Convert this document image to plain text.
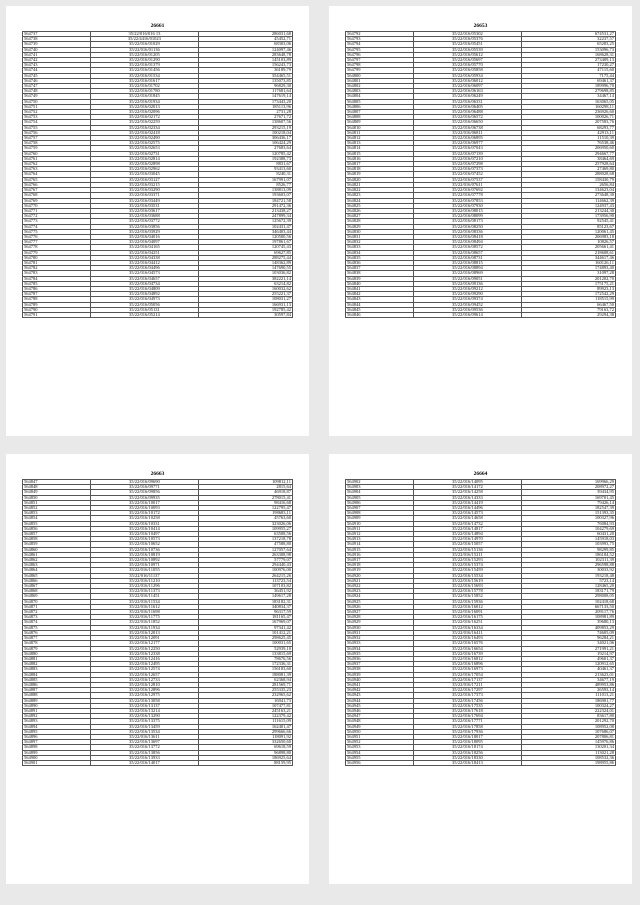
26661
564737	35/22/016/016 13	286031,68
564738	35/22/4416/01023	45452,71
564739	35/22/016/01029	68303,06
564740	35/22/016/01136	124097,46
564741	35/22/016/01205	283648,78
564742	35/22/016/01290	145103,89
564743	35/22/016/01379	156243,73
564744	35/22/016/01456	36189,79
564745	35/22/016/01534	354465,51
564746	35/22/016/01617	135073,85
564747	35/22/016/01702	96829,30
564748	35/22/016/01780	117681,64
564749	35/22/016/01845	147619,14
564750	35/22/016/01934	173443,20
564751	35/22/016/02013	185113,96
564752	35/22/016/02096	2731,28
564753	35/22/016/02172	27671,72
564754	35/22/016/02259	138607,56
564755	35/22/016/02334	293215,19
564756	35/22/016/02418	100218,04
564757	35/22/016/02490	306436,17
564758	35/22/016/02575	106424,29
564759	35/22/016/02653	27683,64
564760	35/22/016/02731	120785,42
564761	35/22/016/02814	192388,73
564762	35/22/016/02898	8831,67
564763	35/22/016/02962	93413,60
564764	35/22/016/03045	8240,31
564765	35/22/016/03127	167991,07
564766	35/22/016/03215	8526,77
564767	35/22/016/03290	138813,09
564768	35/22/016/03371	193603,07
564769	35/22/016/03449	184721,58
564770	35/22/016/03531	291472,36
564771	35/22/016/03617	213438,27
564772	35/22/016/03688	247899,34
564773	35/22/016/03772	125672,39
564774	35/22/016/03856	102431,47
564775	35/22/016/03929	346403,44
564776	35/22/016/04016	120500,56
564777	35/22/016/04097	197861,67
564778	35/22/016/04165	120745,43
564779	35/22/016/04251	69627,85
564780	35/22/016/04338	288275,44
564781	35/22/016/04412	148362,89
564782	35/22/016/04496	147690,55
564783	35/22/016/04573	103036,82
564784	35/22/016/04657	382221,14
564785	35/22/016/04734	63214,82
564786	35/22/016/04809	160032,62
564787	35/22/016/04892	255221,37
564788	35/22/016/04973	108031,27
564789	35/22/016/05056	166931,13
564790	35/22/016/05131	192785,42
564791	35/22/016/05214	30597,84
26653
564792	35/22/016/05302	674531,27
564793	35/22/016/05376	32237,57
564794	35/22/016/05451	65283,25
564795	35/22/016/05539	153096,73
564796	35/22/016/05612	168628,31
564797	35/22/016/05697	273409,13
564798	35/22/016/05770	17230,27
564799	35/22/016/05858	47115,60
564800	35/22/016/05934	7175,44
564801	35/22/016/06012	69461,37
564802	35/22/016/06097	189996,70
564803	35/22/016/06163	279698,85
564804	35/22/016/06249	34467,14
564805	35/22/016/06331	163065,05
564806	35/22/016/06405	160298,11
564807	35/22/016/06488	236926,60
564808	35/22/016/06572	100026,71
564809	35/22/016/06650	207583,76
564810	35/22/016/06738	68293,77
564811	35/22/016/06811	42913,11
564812	35/22/016/06895	11510,39
564813	35/22/016/06977	76538,46
564814	35/22/016/07043	206950,60
564815	35/22/016/07139	294667,77
564816	35/22/016/07210	38464,69
564817	35/22/016/07298	257928,64
564818	35/22/016/07373	27469,80
564819	35/22/016/07452	288028,68
564820	35/22/016/07537	158430,79
564821	35/22/016/07611	2656,84
564822	35/22/016/07692	134623,04
564823	35/22/016/07778	273648,30
564824	35/22/016/07853	114662,39
564825	35/22/016/07930	124937,43
564826	35/22/016/08015	213244,30
564827	35/22/016/08099	173956,90
564828	35/22/016/08173	92545,41
564829	35/22/016/08250	85123,67
564830	35/22/016/08336	120061,45
564831	35/22/016/08418	206983,18
564832	35/22/016/08494	10826,57
564833	35/22/016/08572	205661,41
564834	35/22/016/08657	218608,61
564835	35/22/016/08731	344617,46
564836	35/22/016/08815	160126,11
564837	35/22/016/08894	174893,40
564838	35/22/016/08969	31097,28
564839	35/22/016/09051	201202,70
564840	35/22/016/09136	175175,21
564841	35/22/016/09212	89923,13
564842	35/22/016/09290	172542,29
564843	35/22/016/09374	118515,99
564844	35/22/016/09452	66467,50
564845	35/22/016/09536	79163,72
564846	35/22/016/09614	29294,38
26663
564847	35/22/016/09690	109812,11
564848	35/22/016/09771	2815,64
564849	35/22/016/09856	46918,87
564850	35/22/016/09935	278015,41
564851	35/22/016/10017	98416,68
564852	35/22/016/10093	122795,47
564853	35/22/016/10172	198683,11
564854	35/22/016/10258	45763,60
564855	35/22/016/10331	323026,06
564856	35/22/016/10414	109955,27
564857	35/22/016/10497	63508,56
564858	35/22/016/10573	137218,78
564859	35/22/016/10652	47588,80
564860	35/22/016/10736	127057,64
564861	35/22/016/10819	263308,98
564862	35/22/016/10892	57779,07
564863	35/22/016/10971	294440,43
564864	35/22/016/11055	100976,00
564865	35/22/016/11137	264215,26
564866	35/22/016/11210	113723,54
564867	35/22/016/11296	107103,82
564868	35/22/016/11373	36451,92
564869	35/22/016/11451	149617,28
564870	35/22/016/11534	183182,31
564871	35/22/016/11612	340834,37
564872	35/22/016/11698	96317,59
564873	35/22/016/11775	181165,47
564874	35/22/016/11852	167969,07
564875	35/22/016/11934	97341,42
564876	35/22/016/12013	101412,21
564877	35/22/016/12091	298625,45
564878	35/22/016/12177	100031,65
564879	35/22/016/12250	52939,10
564880	35/22/016/12338	133815,69
564881	35/22/016/12416	78676,56
564882	35/22/016/12495	172336,31
564883	35/22/016/12574	156183,60
564884	35/22/016/12657	188081,39
564885	35/22/016/12733	62368,94
564886	35/22/016/12810	281569,71
564887	35/22/016/12896	255335,23
564888	35/22/016/12975	232965,62
564889	35/22/016/13058	16941,73
564890	35/22/016/13137	107477,81
564891	35/22/016/13214	245163,21
564892	35/22/016/13290	122379,42
564893	35/22/016/13375	111615,09
564894	35/22/016/13459	162401,47
564895	35/22/016/13534	299666,66
564896	35/22/016/13611	118091,92
564897	35/22/016/13697	332650,60
564898	35/22/016/13772	69618,59
564899	35/22/016/13856	96898,80
564900	35/22/016/13933	186925,64
564901	35/22/016/14017	88159,95
26664
564902	35/22/016/14095	169966,29
564903	35/22/016/14172	208972,27
564904	35/22/016/14258	39434,95
564905	35/22/016/14333	169701,45
564906	35/22/016/14419	79426,14
564907	35/22/016/14496	182547,39
564908	35/22/016/14573	151393,35
564909	35/22/016/14658	100327,96
564910	35/22/016/14732	76084,93
564911	35/22/016/14817	104279,69
564912	35/22/016/14894	60431,20
564913	35/22/016/14970	145918,03
564914	35/22/016/15057	103993,75
564915	35/22/016/15136	98299,85
564916	35/22/016/15211	186184,52
564917	35/22/016/15293	102311,39
564918	35/22/016/15374	296598,88
564919	35/22/016/15459	30033,92
564920	35/22/016/15534	193218,48
564921	35/22/016/15619	5723,14
564922	35/22/016/15693	128465,20
564923	35/22/016/15778	183171,79
564924	35/22/016/15852	298008,05
564925	35/22/016/15936	102418,68
564926	35/22/016/16012	667133,50
564927	35/22/016/16091	209117,76
564928	35/22/016/16175	108981,89
564929	35/22/016/16251	39680,13
564930	35/22/016/16334	409853,29
564931	35/22/016/16411	74605,09
564932	35/22/016/16493	96284,21
564933	35/22/016/16576	34021,06
564934	35/22/016/16654	271991,21
564935	35/22/016/16739	19214,97
564936	35/22/016/16812	49601,37
564937	35/22/016/16896	120912,65
564938	35/22/016/16973	40461,37
564939	35/22/016/17054	213623,01
564940	35/22/016/17137	34677,19
564941	35/22/016/17211	489953,86
564942	35/22/016/17297	26593,14
564943	35/22/016/17373	111013,21
564944	35/22/016/17456	186901,77
564945	35/22/016/17535	100324,27
564946	35/22/016/17618	222324,01
564947	35/22/016/17694	83617,80
564948	35/22/016/17771	201292,70
564949	35/22/016/17858	108952,08
564950	35/22/016/17936	107686,07
564951	35/22/016/18017	207806,81
564952	35/22/016/18095	145976,86
564953	35/22/016/18174	130201,34
564954	35/22/016/18256	113021,28
564955	35/22/016/18330	108532,36
564956	35/22/016/18413	198955,86
